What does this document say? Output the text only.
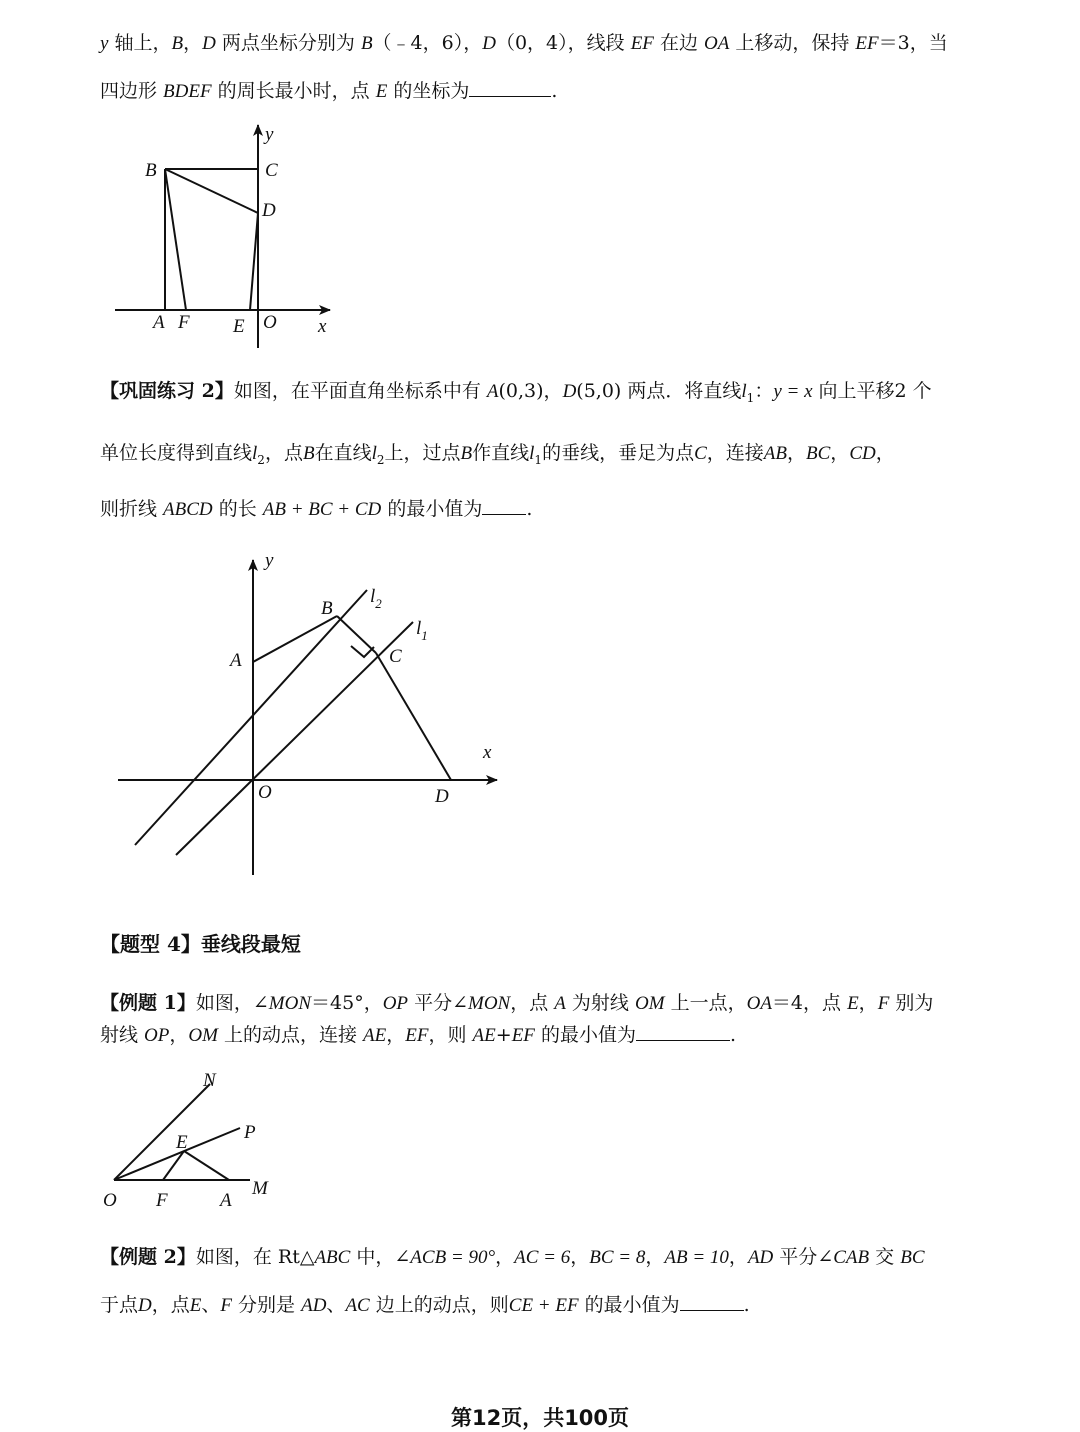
y 轴上，B，D 两点坐标分别为 B（﹣4，6），D（0，4），线段 EF 在边 OA 上移动，保持 EF＝3，当
四边形 BDEF 的周长最小时，点 E 的坐标为	.
【巩固练习 2】如图，在平面直角坐标系中有 A(0,3)，D(5,0) 两点．将直线$l_1$：y = x 向上平移2 个
单位长度得到直线$l_2$，点B在直线$l_2$上，过点B作直线$l_1$的垂线，垂足为点C，连接AB，BC，CD，
则折线 ABCD 的长 AB + BC + CD 的最小值为 .
【题型 4】垂线段最短
【例题 1】如图，∠MON＝45°，OP 平分∠MON，点 A 为射线 OM 上一点，OA＝4，点 E，F 别为
射线 OP，OM 上的动点，连接 AE，EF，则 AE+EF 的最小值为	.
【例题 2】如图，在 Rt△ABC 中，∠ACB = 90°，AC = 6，BC = 8，AB = 10，AD 平分∠CAB 交 BC
于点D，点E、F 分别是 AD、AC 边上的动点，则CE + EF 的最小值为	.
y
x
B	C
D
A F E O
y
x
B
$l_2$
$l_1$
A	C
O	D
N
P
E
O F	A
M
第12页，共100页
